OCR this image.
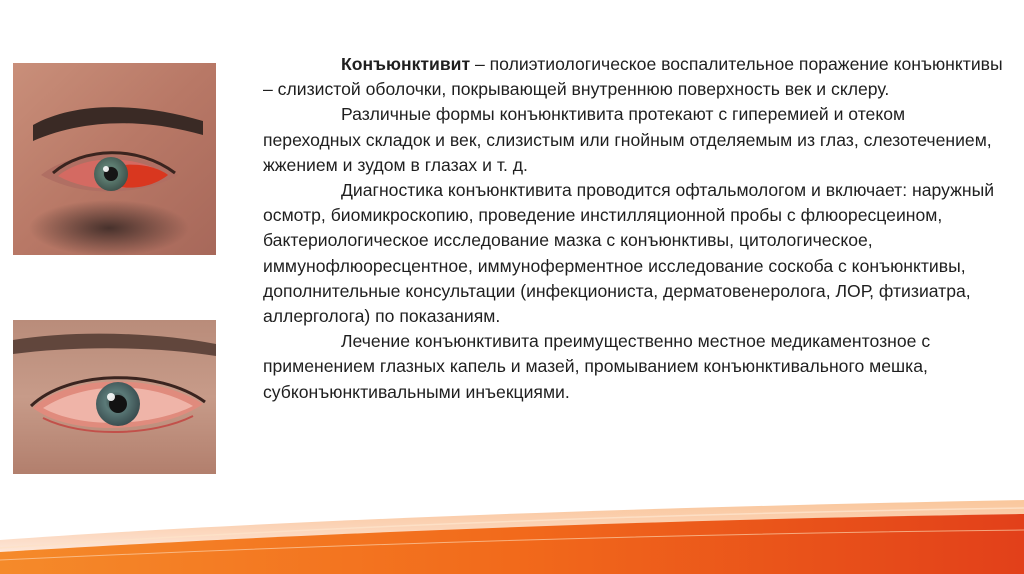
Конъюнктивит – полиэтиологическое воспалительное поражение конъюнктивы – слизистой оболочки, покрывающей внутреннюю поверхность век и склеру.

Различные формы конъюнктивита протекают с гиперемией и отеком переходных складок и век, слизистым или гнойным отделяемым из глаз, слезотечением, жжением и зудом в глазах и т. д.

Диагностика конъюнктивита проводится офтальмологом и включает: наружный осмотр, биомикроскопию, проведение инстилляционной пробы с флюоресцеином, бактериологическое исследование мазка с конъюнктивы, цитологическое, иммунофлюоресцентное, иммуноферментное исследование соскоба с конъюнктивы, дополнительные консультации (инфекциониста, дерматовенеролога, ЛОР, фтизиатра, аллерголога) по показаниям.

Лечение конъюнктивита преимущественно местное медикаментозное с применением глазных капель и мазей, промыванием конъюнктивального мешка, субконъюнктивальными инъекциями.
